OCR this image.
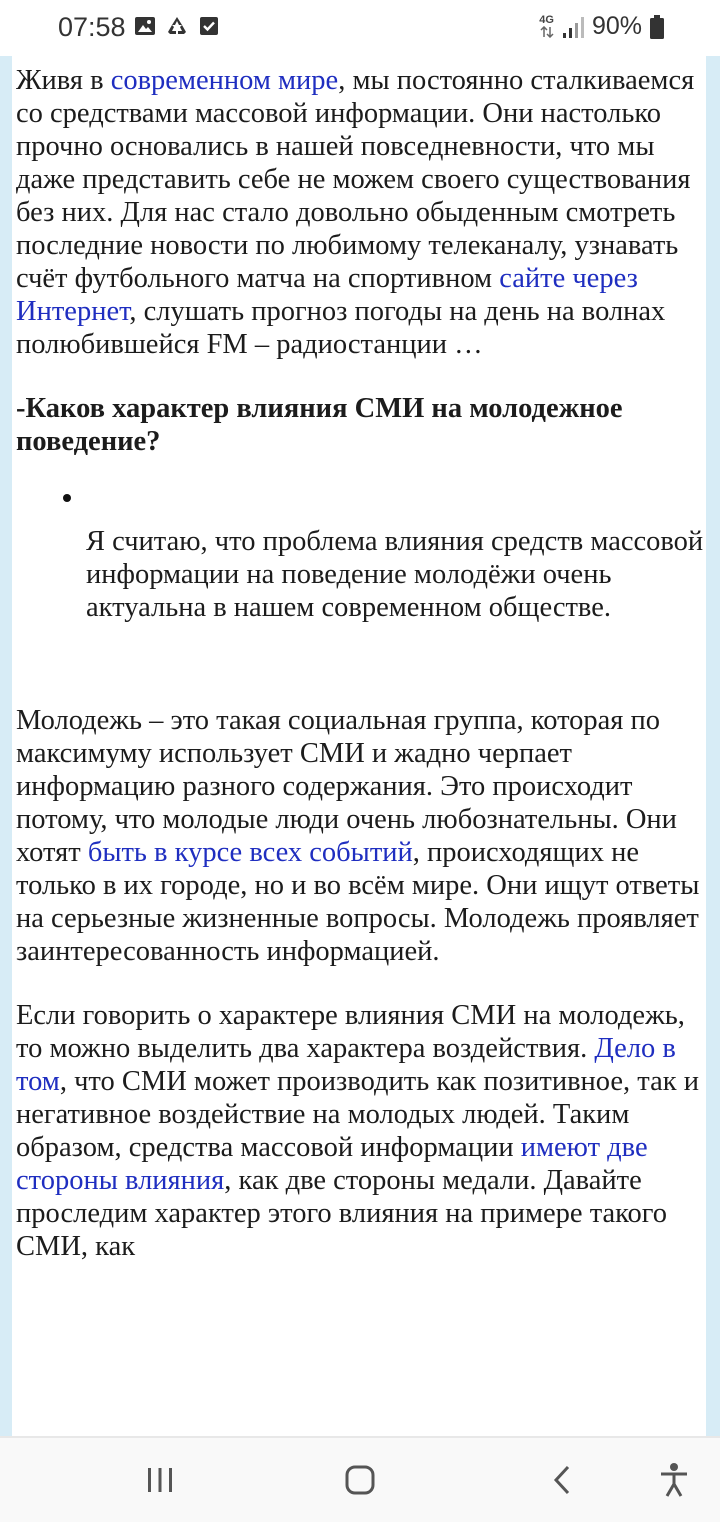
07:58	4G 90%

Живя в современном мире, мы постоянно сталкиваемся со средствами массовой информации. Они настолько прочно основались в нашей повседневности, что мы даже представить себе не можем своего существования без них. Для нас стало довольно обыденным смотреть последние новости по любимому телеканалу, узнавать счёт футбольного матча на спортивном сайте через Интернет, слушать прогноз погоды на день на волнах полюбившейся FM – радиостанции …

-Каков характер влияния СМИ на молодежное поведение?
Я считаю, что проблема влияния средств массовой информации на поведение молодёжи очень актуальна в нашем современном обществе.

Молодежь – это такая социальная группа, которая по максимуму использует СМИ и жадно черпает информацию разного содержания. Это происходит потому, что молодые люди очень любознательны. Они хотят быть в курсе всех событий, происходящих не только в их городе, но и во всём мире. Они ищут ответы на серьезные жизненные вопросы. Молодежь проявляет заинтересованность информацией.

Если говорить о характере влияния СМИ на молодежь, то можно выделить два характера воздействия. Дело в том, что СМИ может производить как позитивное, так и негативное воздействие на молодых людей. Таким образом, средства массовой информации имеют две стороны влияния, как две стороны медали. Давайте проследим характер этого влияния на примере такого СМИ, как
